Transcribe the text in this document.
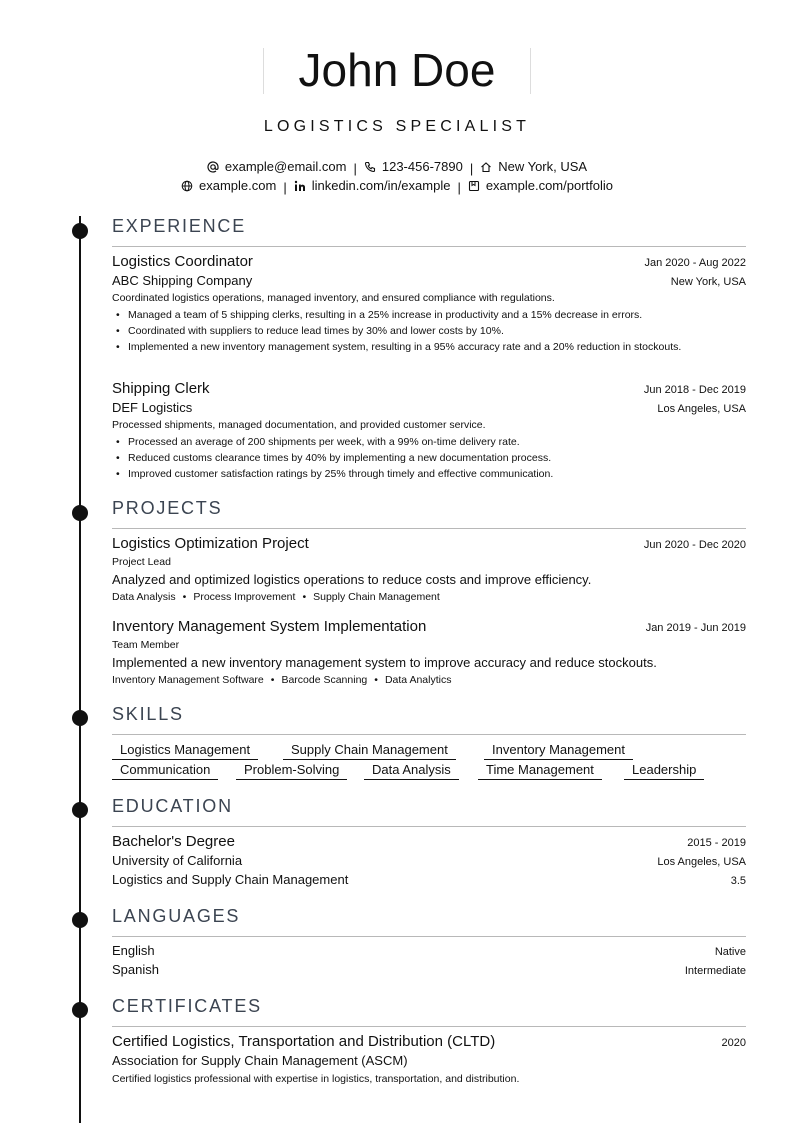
John Doe
LOGISTICS SPECIALIST
example@email.com | 123-456-7890 | New York, USA
example.com | linkedin.com/in/example | example.com/portfolio
EXPERIENCE
Logistics Coordinator	Jan 2020 - Aug 2022
ABC Shipping Company	New York, USA
Coordinated logistics operations, managed inventory, and ensured compliance with regulations.
• Managed a team of 5 shipping clerks, resulting in a 25% increase in productivity and a 15% decrease in errors.
• Coordinated with suppliers to reduce lead times by 30% and lower costs by 10%.
• Implemented a new inventory management system, resulting in a 95% accuracy rate and a 20% reduction in stockouts.
Shipping Clerk	Jun 2018 - Dec 2019
DEF Logistics	Los Angeles, USA
Processed shipments, managed documentation, and provided customer service.
• Processed an average of 200 shipments per week, with a 99% on-time delivery rate.
• Reduced customs clearance times by 40% by implementing a new documentation process.
• Improved customer satisfaction ratings by 25% through timely and effective communication.
PROJECTS
Logistics Optimization Project	Jun 2020 - Dec 2020
Project Lead
Analyzed and optimized logistics operations to reduce costs and improve efficiency.
Data Analysis • Process Improvement • Supply Chain Management
Inventory Management System Implementation	Jan 2019 - Jun 2019
Team Member
Implemented a new inventory management system to improve accuracy and reduce stockouts.
Inventory Management Software • Barcode Scanning • Data Analytics
SKILLS
Logistics Management	Supply Chain Management	Inventory Management
Communication	Problem-Solving	Data Analysis	Time Management	Leadership
EDUCATION
Bachelor's Degree	2015 - 2019
University of California	Los Angeles, USA
Logistics and Supply Chain Management	3.5
LANGUAGES
English	Native
Spanish	Intermediate
CERTIFICATES
Certified Logistics, Transportation and Distribution (CLTD)	2020
Association for Supply Chain Management (ASCM)
Certified logistics professional with expertise in logistics, transportation, and distribution.
